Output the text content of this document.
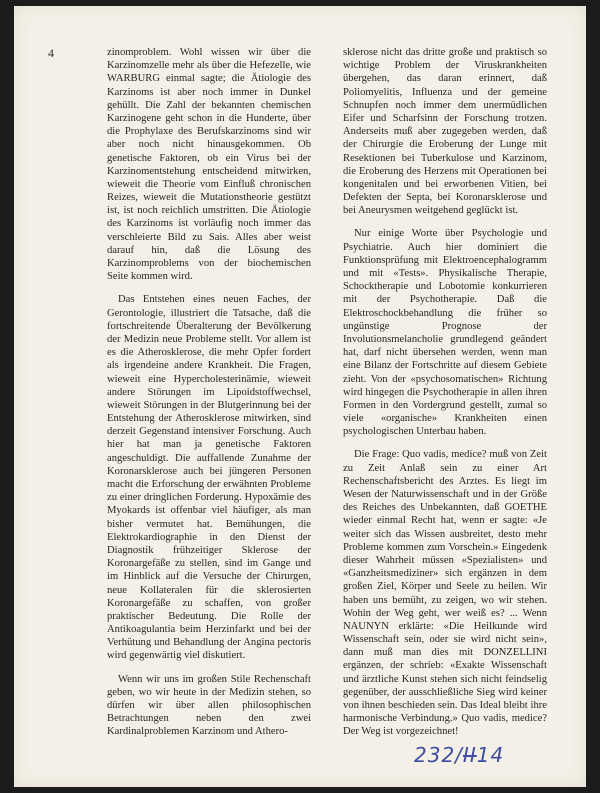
4	zinomproblem. Wohl wissen wir über die Karzinomzelle mehr als über die Hefezelle, wie WARBURG einmal sagte; die Ätiologie des Karzinoms ist aber noch immer in Dunkel gehüllt. Die Zahl der bekannten chemischen Karzinogene geht schon in die Hunderte, über die Prophylaxe des Berufskarzinoms sind wir aber noch nicht hinausgekommen. Ob genetische Faktoren, ob ein Virus bei der Karzinomentstehung entscheidend mitwirken, wieweit die Theorie vom Einfluß chronischen Reizes, wieweit die Mutationstheorie gestützt ist, ist noch reichlich umstritten. Die Ätiologie des Karzinoms ist vorläufig noch immer das verschleierte Bild zu Sais. Alles aber weist darauf hin, daß die Lösung des Karzinomproblems von der biochemischen Seite kommen wird.

Das Entstehen eines neuen Faches, der Gerontologie, illustriert die Tatsache, daß die fortschreitende Überalterung der Bevölkerung der Medizin neue Probleme stellt. Vor allem ist es die Atherosklerose, die mehr Opfer fordert als irgendeine andere Krankheit. Die Fragen, wieweit eine Hypercholesterinämie, wieweit andere Störungen im Lipoidstoffwechsel, wieweit Störungen in der Blutgerinnung bei der Entstehung der Atherosklerose mitwirken, sind derzeit Gegenstand intensiver Forschung. Auch hier hat man ja genetische Faktoren angeschuldigt. Die auffallende Zunahme der Koronarsklerose auch bei jüngeren Personen macht die Erforschung der erwähnten Probleme zu einer dringlichen Forderung. Hypoxämie des Myokards ist offenbar viel häufiger, als man bisher vermutet hat. Bemühungen, die Elektrokardiographie in den Dienst der Diagnostik frühzeitiger Sklerose der Koronargefäße zu stellen, sind im Gange und im Hinblick auf die Versuche der Chirurgen, neue Kollateralen für die sklerosierten Koronargefäße zu schaffen, von großer praktischer Bedeutung. Die Rolle der Antikoagulantia beim Herzinfarkt und bei der Verhütung und Behandlung der Angina pectoris wird gegenwärtig viel diskutiert.

Wenn wir uns im großen Stile Rechenschaft geben, wo wir heute in der Medizin stehen, so dürfen wir über allen philosophischen Betrachtungen neben den zwei Kardinalproblemen Karzinom und Athero-

sklerose nicht das dritte große und praktisch so wichtige Problem der Viruskrankheiten übergehen, das daran erinnert, daß Poliomyelitis, Influenza und der gemeine Schnupfen noch immer dem unermüdlichen Eifer und Scharfsinn der Forschung trotzen. Anderseits muß aber zugegeben werden, daß der Chirurgie die Eroberung der Lunge mit Resektionen bei Tuberkulose und Karzinom, die Eroberung des Herzens mit Operationen bei kongenitalen und bei erworbenen Vitien, bei Defekten der Septa, bei Koronarsklerose und bei Aneurysmen weitgehend geglückt ist.

Nur einige Worte über Psychologie und Psychiatrie. Auch hier dominiert die Funktionsprüfung mit Elektroencephalogramm und mit «Tests». Physikalische Therapie, Schocktherapie und Lobotomie konkurrieren mit der Psychotherapie. Daß die Elektroschockbehandlung die früher so ungünstige Prognose der Involutionsmelancholie grundlegend geändert hat, darf nicht übersehen werden, wenn man eine Bilanz der Fortschritte auf diesem Gebiete zieht. Von der «psychosomatischen» Richtung wird hingegen die Psychotherapie in allen ihren Formen in den Vordergrund gestellt, zumal so viele «organische» Krankheiten einen psychologischen Unterbau haben.

Die Frage: Quo vadis, medice? muß von Zeit zu Zeit Anlaß sein zu einer Art Rechenschaftsbericht des Arztes. Es liegt im Wesen der Naturwissenschaft und in der Größe des Reiches des Unbekannten, daß GOETHE wieder einmal Recht hat, wenn er sagte: «Je weiter sich das Wissen ausbreitet, desto mehr Probleme kommen zum Vorschein.» Eingedenk dieser Wahrheit müssen «Spezialisten» und «Ganzheitsmediziner» sich ergänzen in dem großen Ziel, Körper und Seele zu heilen. Wir haben uns bemüht, zu zeigen, wo wir stehen. Wohin der Weg geht, wer weiß es? ... Wenn NAUNYN erklärte: «Die Heilkunde wird Wissenschaft sein, oder sie wird nicht sein», dann muß man dies mit DONZELLINI ergänzen, der schrieb: «Exakte Wissenschaft und ärztliche Kunst stehen sich nicht feindselig gegenüber, der ausschließliche Sieg wird keiner von ihnen beschieden sein. Das Ideal bleibt ihre harmonische Verbindung.» Quo vadis, medice? Der Weg ist vorgezeichnet!

232/II14
